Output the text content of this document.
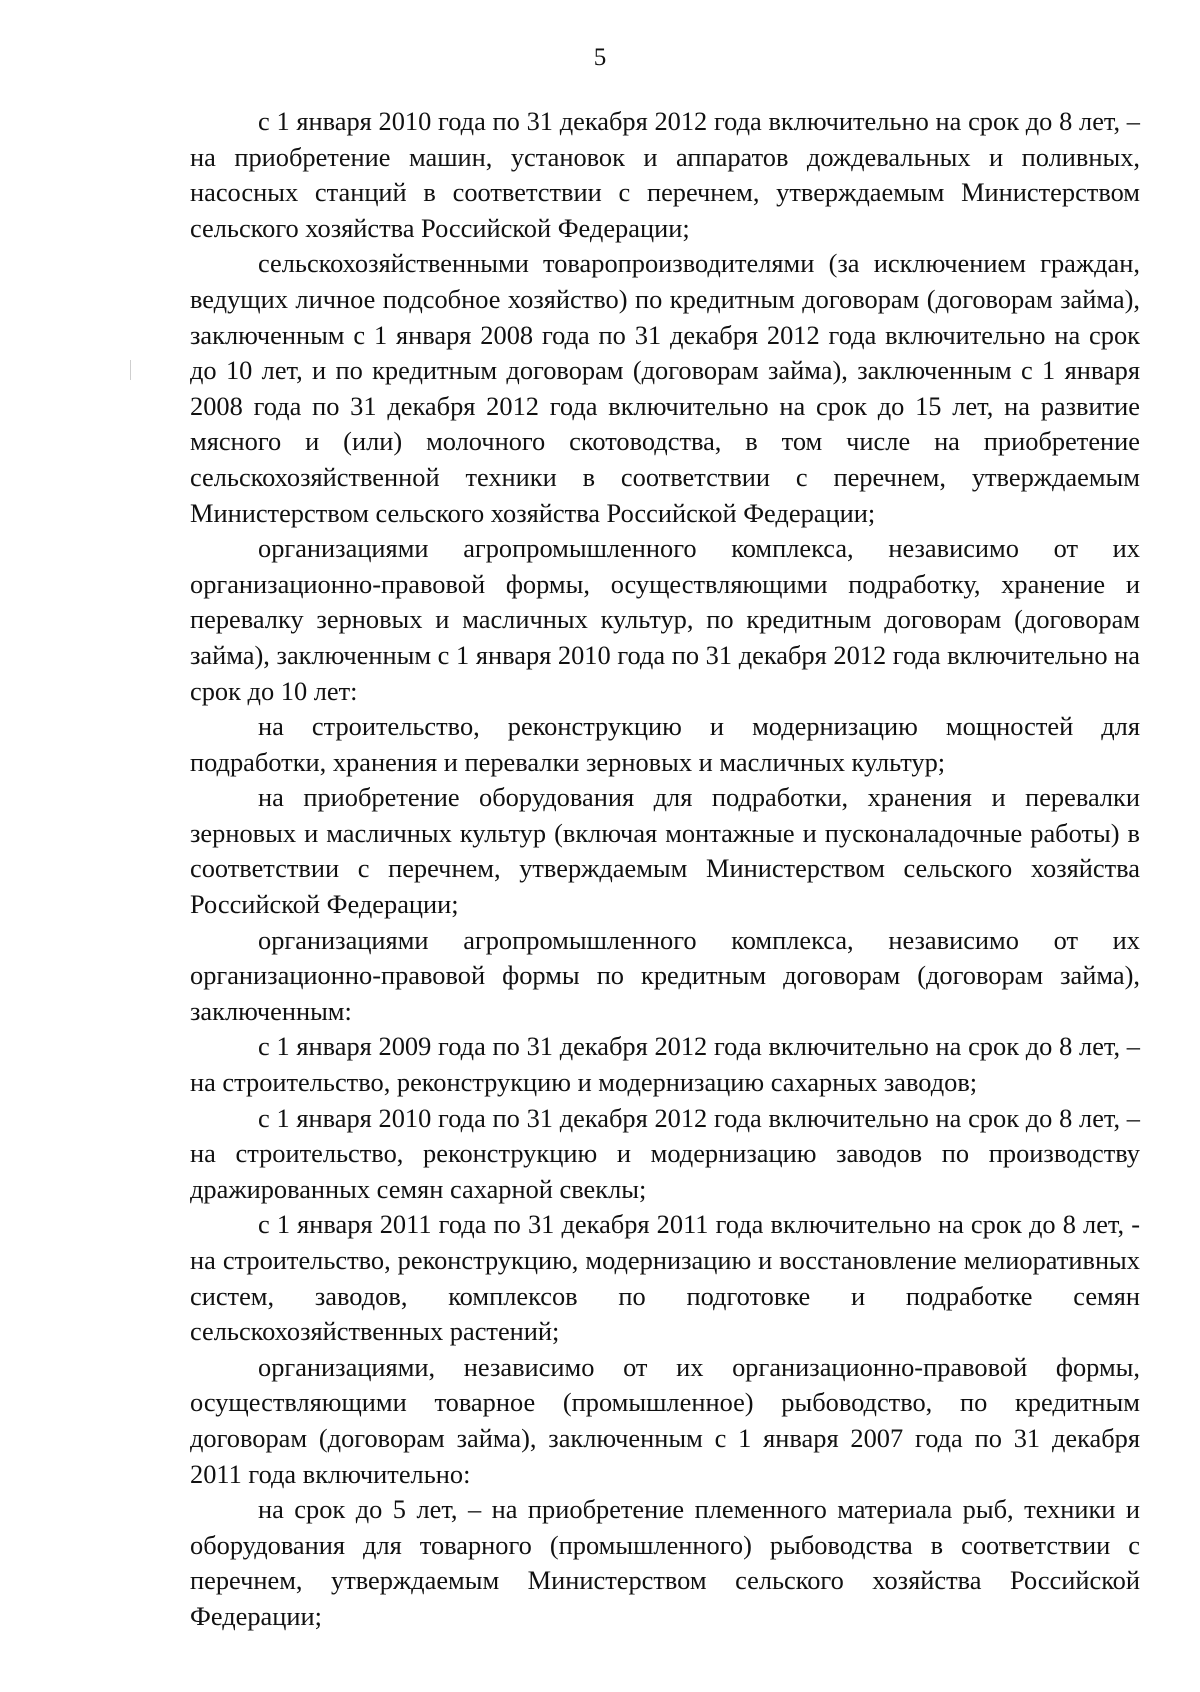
5

с 1 января 2010 года по 31 декабря 2012 года включительно на срок до 8 лет, – на приобретение машин, установок и аппаратов дождевальных и поливных, насосных станций в соответствии с перечнем, утверждаемым Министерством сельского хозяйства Российской Федерации;

сельскохозяйственными товаропроизводителями (за исключением граждан, ведущих личное подсобное хозяйство) по кредитным договорам (договорам займа), заключенным с 1 января 2008 года по 31 декабря 2012 года включительно на срок до 10 лет, и по кредитным договорам (договорам займа), заключенным с 1 января 2008 года по 31 декабря 2012 года включительно на срок до 15 лет, на развитие мясного и (или) молочного скотоводства, в том числе на приобретение сельскохозяйственной техники в соответствии с перечнем, утверждаемым Министерством сельского хозяйства Российской Федерации;

организациями агропромышленного комплекса, независимо от их организационно-правовой формы, осуществляющими подработку, хранение и перевалку зерновых и масличных культур, по кредитным договорам (договорам займа), заключенным с 1 января 2010 года по 31 декабря 2012 года включительно на срок до 10 лет:

на строительство, реконструкцию и модернизацию мощностей для подработки, хранения и перевалки зерновых и масличных культур;

на приобретение оборудования для подработки, хранения и перевалки зерновых и масличных культур (включая монтажные и пусконаладочные работы) в соответствии с перечнем, утверждаемым Министерством сельского хозяйства Российской Федерации;

организациями агропромышленного комплекса, независимо от их организационно-правовой формы по кредитным договорам (договорам займа), заключенным:

с 1 января 2009 года по 31 декабря 2012 года включительно на срок до 8 лет, – на строительство, реконструкцию и модернизацию сахарных заводов;

с 1 января 2010 года по 31 декабря 2012 года включительно на срок до 8 лет, – на строительство, реконструкцию и модернизацию заводов по производству дражированных семян сахарной свеклы;

с 1 января 2011 года по 31 декабря 2011 года включительно на срок до 8 лет, - на строительство, реконструкцию, модернизацию и восстановление мелиоративных систем, заводов, комплексов по подготовке и подработке семян сельскохозяйственных растений;

организациями, независимо от их организационно-правовой формы, осуществляющими товарное (промышленное) рыбоводство, по кредитным договорам (договорам займа), заключенным с 1 января 2007 года по 31 декабря 2011 года включительно:

на срок до 5 лет, – на приобретение племенного материала рыб, техники и оборудования для товарного (промышленного) рыбоводства в соответствии с перечнем, утверждаемым Министерством сельского хозяйства Российской Федерации;
